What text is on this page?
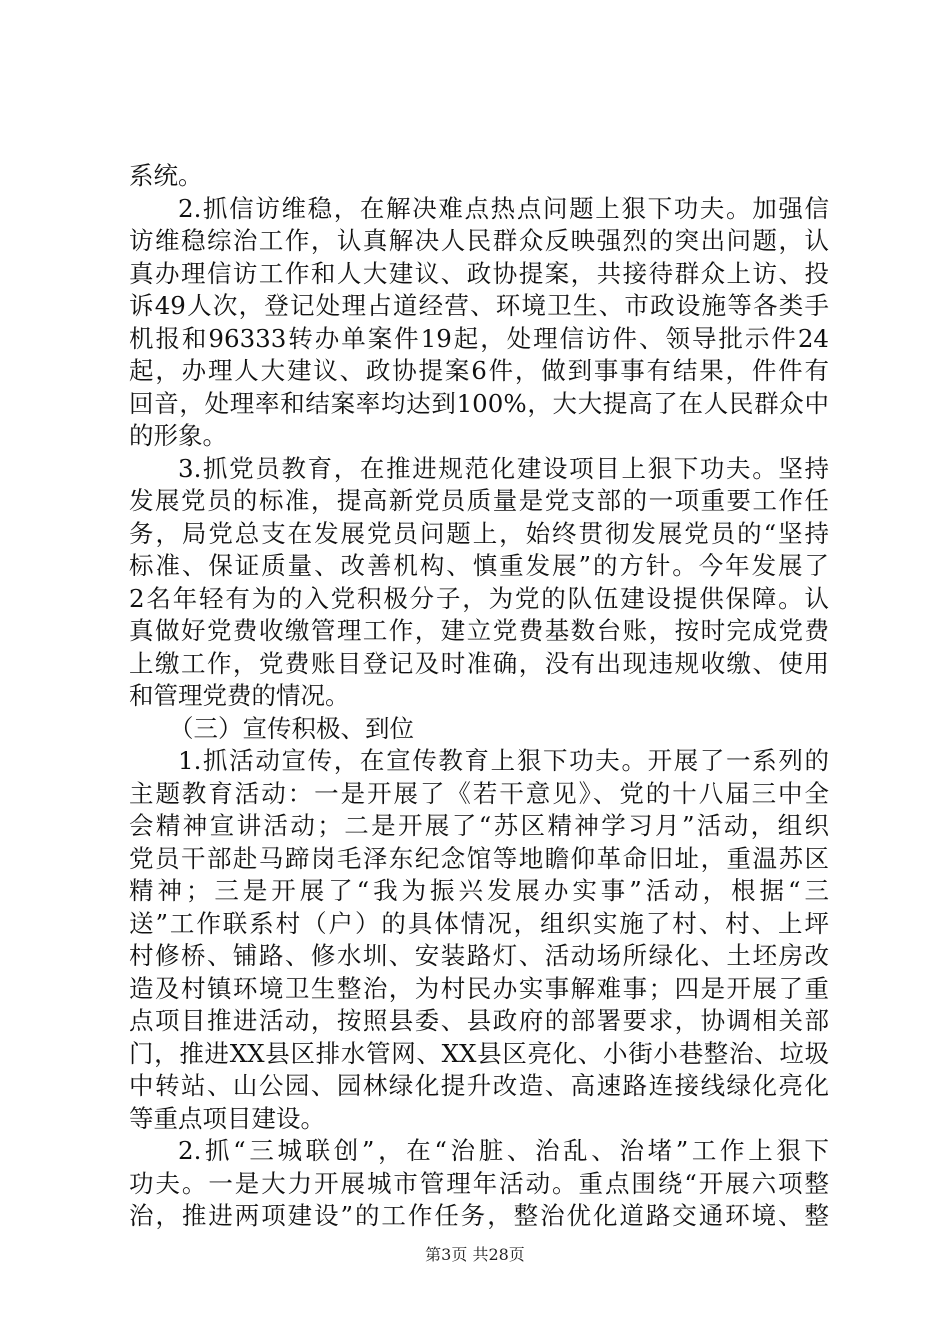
系统。
2.抓信访维稳，在解决难点热点问题上狠下功夫。加强信
访维稳综治工作，认真解决人民群众反映强烈的突出问题，认
真办理信访工作和人大建议、政协提案，共接待群众上访、投
诉49人次，登记处理占道经营、环境卫生、市政设施等各类手
机报和96333转办单案件19起，处理信访件、领导批示件24
起，办理人大建议、政协提案6件，做到事事有结果，件件有
回音，处理率和结案率均达到100%，大大提高了在人民群众中
的形象。
3.抓党员教育，在推进规范化建设项目上狠下功夫。坚持
发展党员的标准，提高新党员质量是党支部的一项重要工作任
务，局党总支在发展党员问题上，始终贯彻发展党员的“坚持
标准、保证质量、改善机构、慎重发展”的方针。今年发展了
2名年轻有为的入党积极分子，为党的队伍建设提供保障。认
真做好党费收缴管理工作，建立党费基数台账，按时完成党费
上缴工作，党费账目登记及时准确，没有出现违规收缴、使用
和管理党费的情况。
（三）宣传积极、到位
1.抓活动宣传，在宣传教育上狠下功夫。开展了一系列的
主题教育活动：一是开展了《若干意见》、党的十八届三中全
会精神宣讲活动；二是开展了“苏区精神学习月”活动，组织
党员干部赴马蹄岗毛泽东纪念馆等地瞻仰革命旧址，重温苏区
精神；三是开展了“我为振兴发展办实事”活动，根据“三
送”工作联系村（户）的具体情况，组织实施了村、村、上坪
村修桥、铺路、修水圳、安装路灯、活动场所绿化、土坯房改
造及村镇环境卫生整治，为村民办实事解难事；四是开展了重
点项目推进活动，按照县委、县政府的部署要求，协调相关部
门，推进XX县区排水管网、XX县区亮化、小街小巷整治、垃圾
中转站、山公园、园林绿化提升改造、高速路连接线绿化亮化
等重点项目建设。
2.抓“三城联创”，在“治脏、治乱、治堵”工作上狠下
功夫。一是大力开展城市管理年活动。重点围绕“开展六项整
治，推进两项建设”的工作任务，整治优化道路交通环境、整
第3页 共28页
